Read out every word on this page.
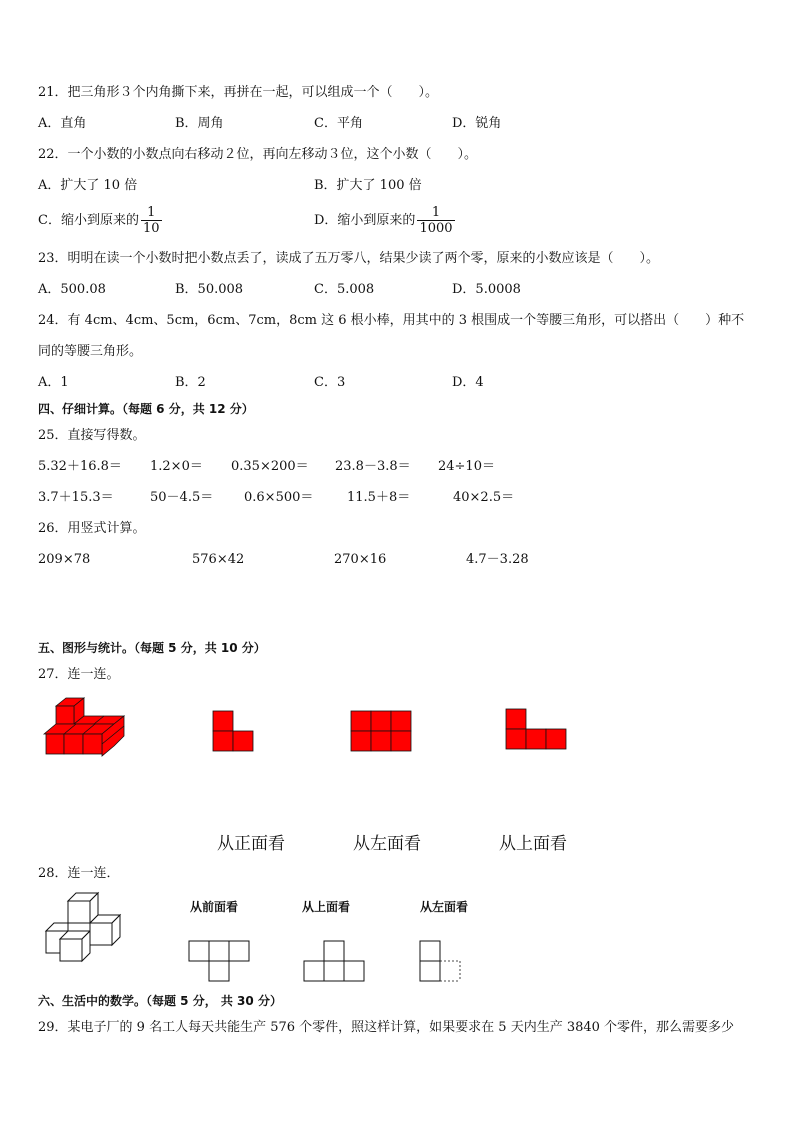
21．把三角形３个内角撕下来，再拼在一起，可以组成一个（　　）。
A．直角	B．周角	C．平角	D．锐角
22．一个小数的小数点向右移动２位，再向左移动３位，这个小数（　　）。
A．扩大了 10 倍	B．扩大了 100 倍
C．缩小到原来的 $\frac{1}{10}$	D．缩小到原来的 $\frac{1}{1000}$
23．明明在读一个小数时把小数点丢了，读成了五万零八，结果少读了两个零，原来的小数应该是（　　）。
A．500.08	B．50.008	C．5.008	D．5.0008
24．有 4cm、4cm、5cm，6cm、7cm，8cm 这 6 根小棒，用其中的 3 根围成一个等腰三角形，可以搭出（　　）种不
同的等腰三角形。
A．1	B．2	C．3	D．4
四、仔细计算。（每题 6 分，共 12 分）
25．直接写得数。
5.32＋16.8＝ 1.2×0＝ 0.35×200＝ 23.8－3.8＝ 24÷10＝
3.7＋15.3＝	50－4.5＝ 0.6×500＝	11.5＋8＝	40×2.5＝
26．用竖式计算。
209×78	576×42	270×16	4.7－3.28
五、图形与统计。（每题 5 分，共 10 分）
27．连一连。
从正面看	从左面看	从上面看
28．连一连．
从前面看	从上面看	从左面看
六、生活中的数学。（每题 5 分， 共 30 分）
29．某电子厂的 9 名工人每天共能生产 576 个零件，照这样计算，如果要求在 5 天内生产 3840 个零件，那么需要多少
